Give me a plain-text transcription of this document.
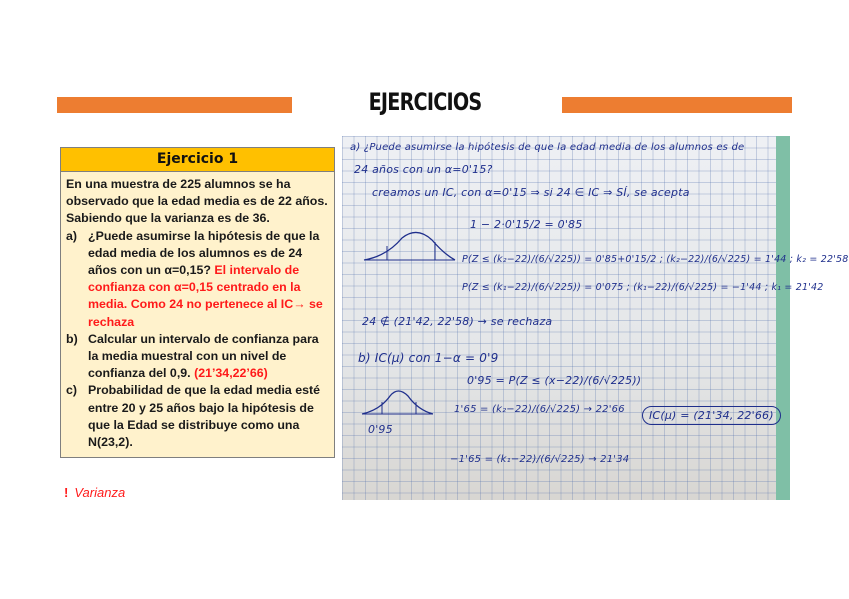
EJERCICIOS
Ejercicio 1
En una muestra de 225 alumnos se ha observado que la edad media es de 22 años. Sabiendo que la varianza es de 36.
a) ¿Puede asumirse la hipótesis de que la edad media de los alumnos es de 24 años con un α=0,15? El intervalo de confianza con α=0,15 centrado en la media. Como 24 no pertenece al IC→ se rechaza
b) Calcular un intervalo de confianza para la media muestral con un nivel de confianza del 0,9. (21’34,22’66)
c) Probabilidad de que la edad media esté entre 20 y 25 años bajo la hipótesis de que la Edad se distribuye como una N(23,2).
! Varianza
a) ¿Puede asumirse la hipótesis de que la edad media de los alumnos es de
24 años con un α=0'15?
creamos un IC, con α=0'15 ⇒ si 24 ∈ IC ⇒ SÍ, se acepta
1 − 2·0'15/2 = 0'85
P(Z ≤ (k₂−22)/(6/√225)) = 0'85+0'15/2 ; (k₂−22)/(6/√225) = 1'44 ; k₂ = 22'58
P(Z ≤ (k₁−22)/(6/√225)) = 0'075 ; (k₁−22)/(6/√225) = −1'44 ; k₁ = 21'42
24 ∉ (21'42, 22'58) → se rechaza
b) IC(μ) con 1−α = 0'9
0'95 = P(Z ≤ (x−22)/(6/√225))
0'95
1'65 = (k₂−22)/(6/√225) → 22'66
−1'65 = (k₁−22)/(6/√225) → 21'34
IC(μ) = (21'34, 22'66)
